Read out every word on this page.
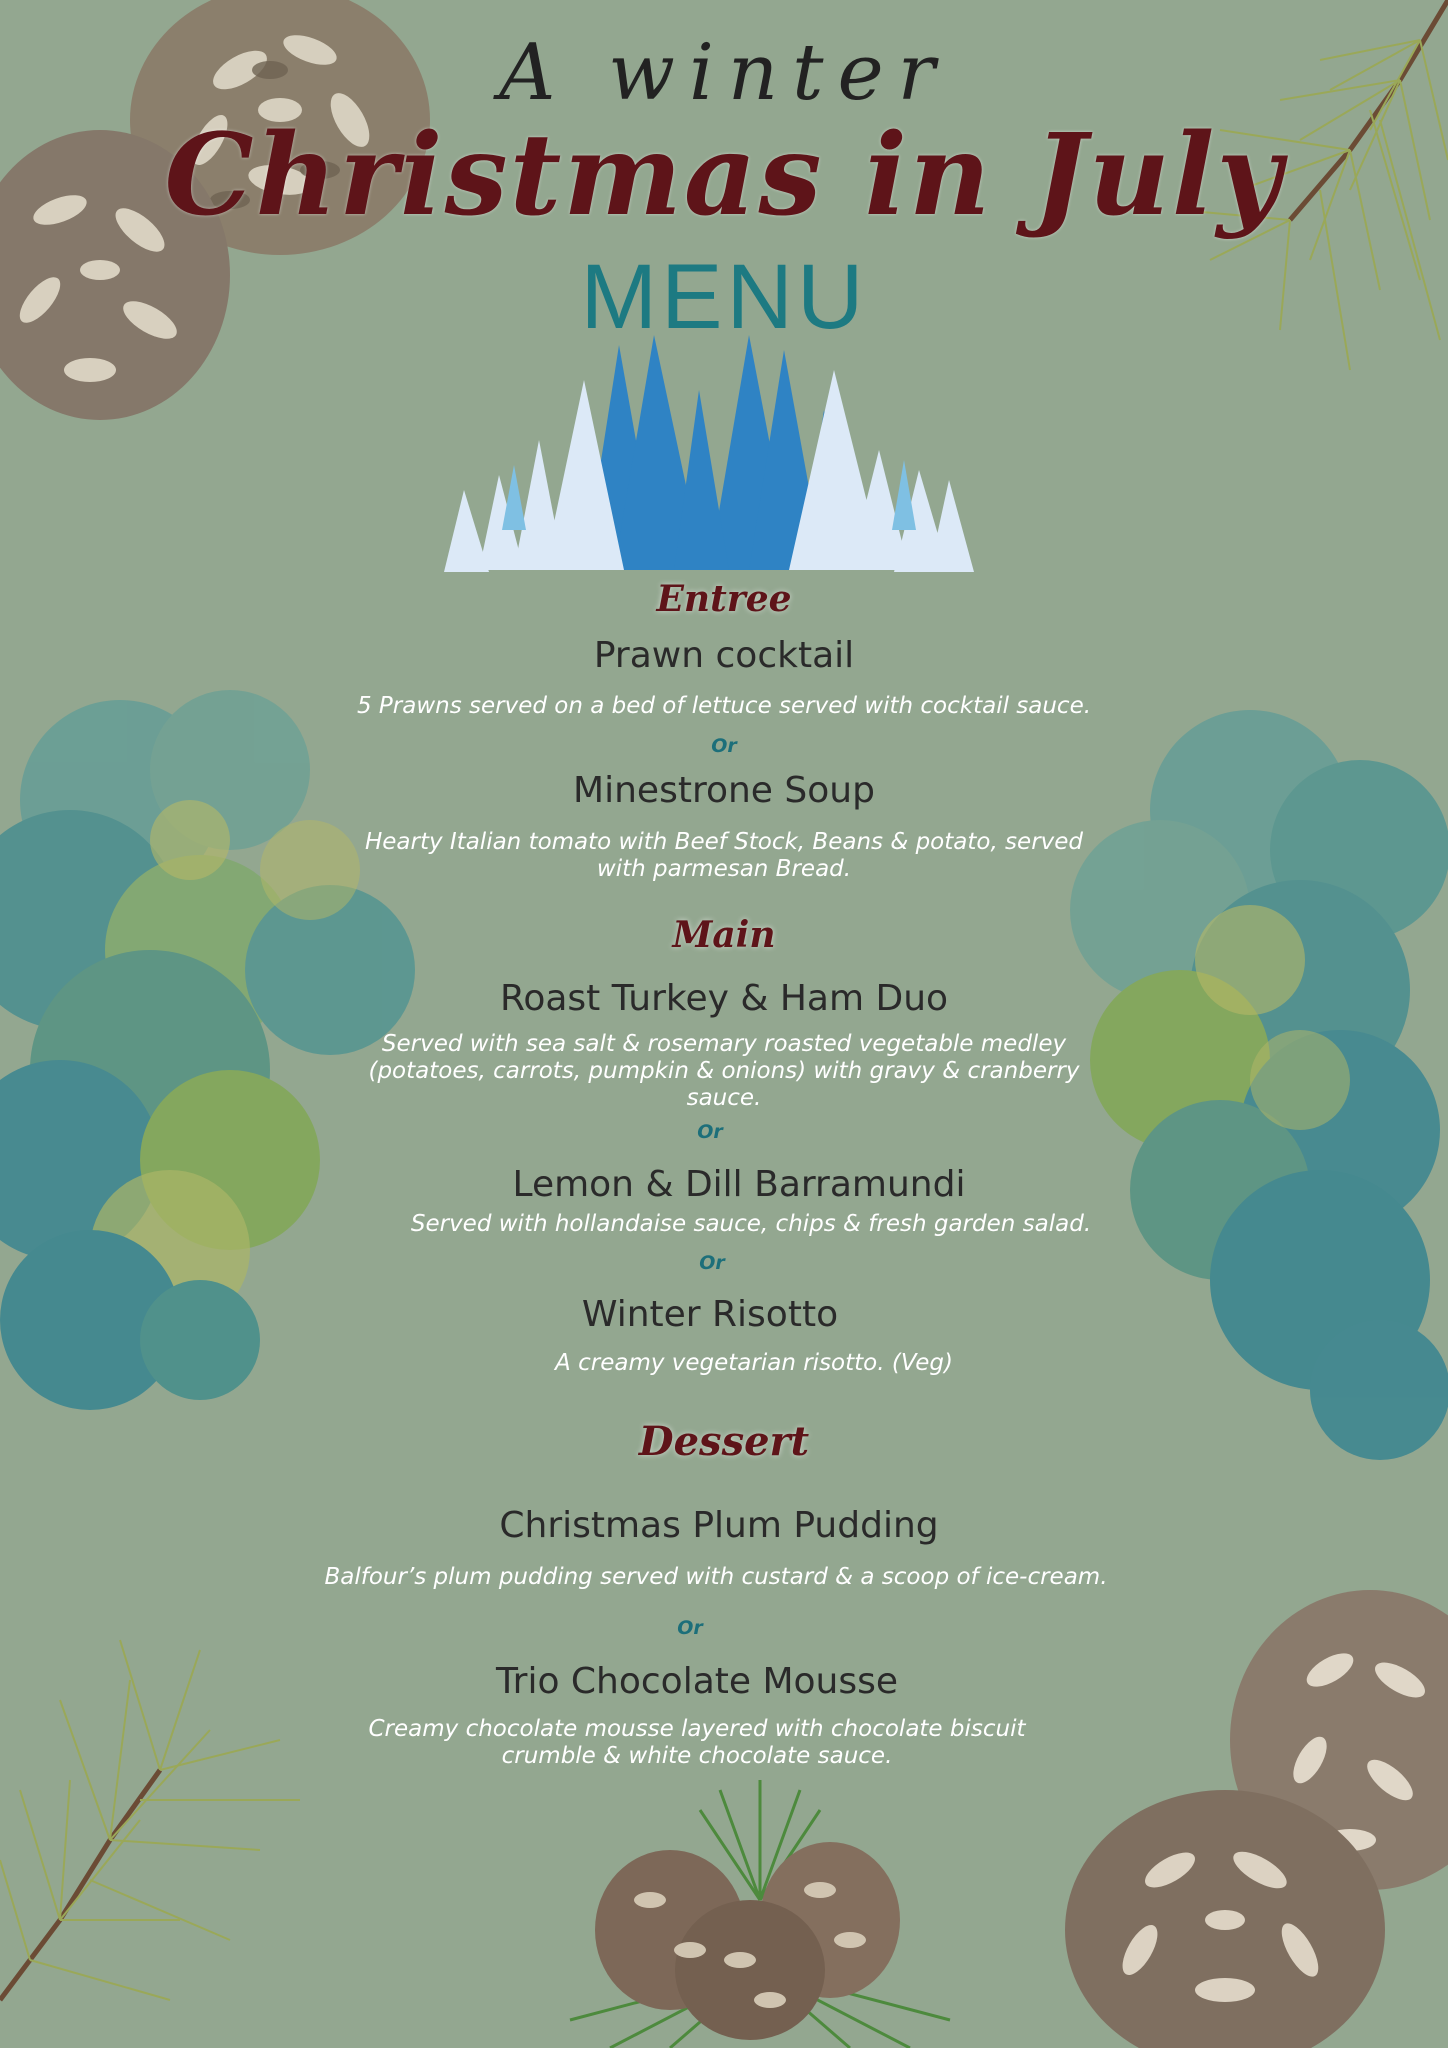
A winter
Christmas in July
MENU
Entree
Prawn cocktail
5 Prawns served on a bed of lettuce served with cocktail sauce.
Or
Minestrone Soup
Hearty Italian tomato with Beef Stock, Beans & potato, served
with parmesan Bread.
Main
Roast Turkey & Ham Duo
Served with sea salt & rosemary roasted vegetable medley
(potatoes, carrots, pumpkin & onions) with gravy & cranberry
sauce.
Or
Lemon & Dill Barramundi
Served with hollandaise sauce, chips & fresh garden salad.
Or
Winter Risotto
A creamy vegetarian risotto. (Veg)
Dessert
Christmas Plum Pudding
Balfour’s plum pudding served with custard & a scoop of ice-cream.
Or
Trio Chocolate Mousse
Creamy chocolate mousse layered with chocolate biscuit
crumble & white chocolate sauce.
